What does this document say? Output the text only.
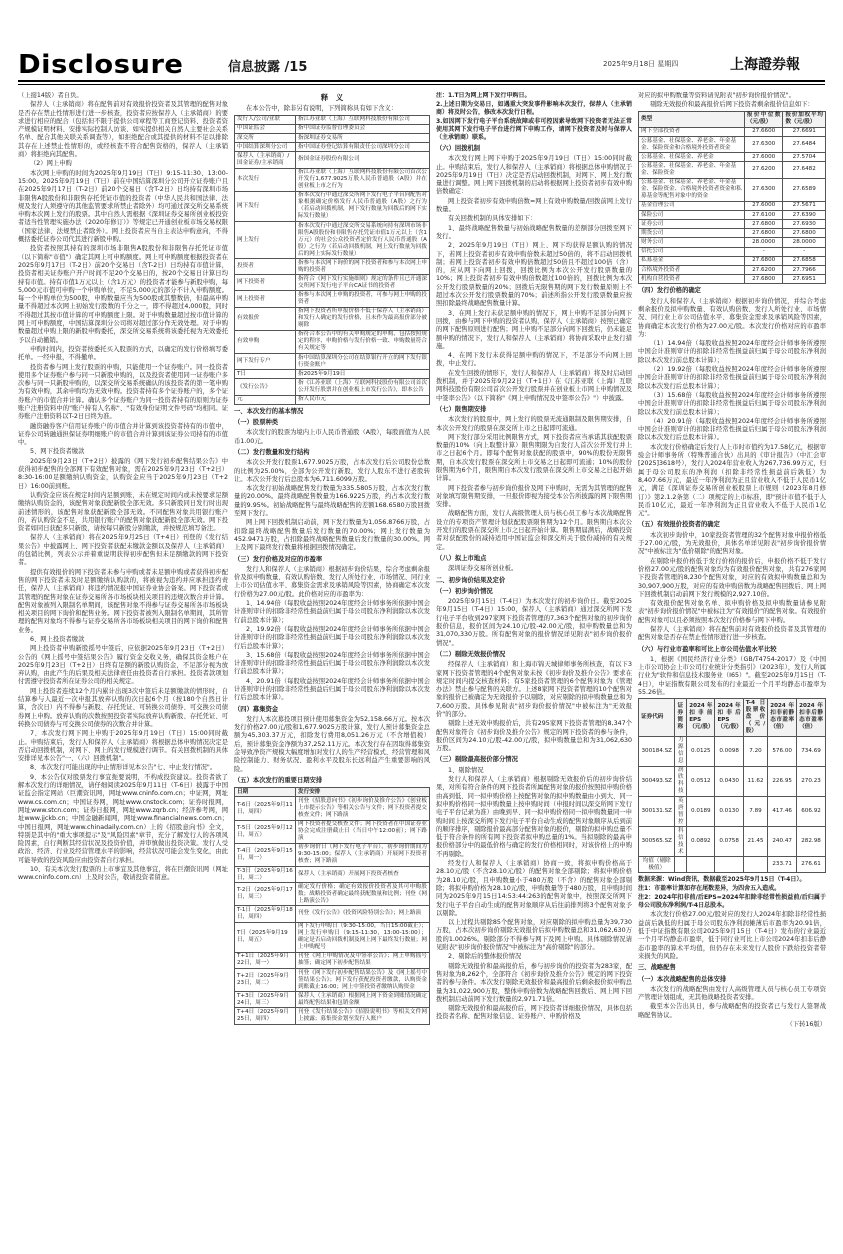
Disclosure	信息披露 /15	2025年9月18日 星期四	上海證券報

（上接14版）者自负。

保荐人（主承销商）将在配售前对有效报价投资者及其管理的配售对象是否存在禁止性情形进行进一步核查，投资者应按保荐人（主承销商）的要求进行相应的配合（包括但不限于提供公司章程等工商登记资料、投资者资产规模证明材料、安排实际控制人访谈、如实提供相关自然人主要社会关系名单、配合其他关联关系调查等），如拒绝配合或其提供的材料不足以排除其存在上述禁止性情形的，或经核查不符合配售资格的，保荐人（主承销商）将拒绝向其配售。

（2）网上申购

本次网上申购的时间为2025年9月19日（T日）9:15-11:30、13:00-15:00。2025年9月19日（T日）前在中国结算深圳分公司开立证券账户且在2025年9月17日（T-2日）前20个交易日（含T-2日）日均持有深圳市场非限售A股股份和非限售存托凭证市值的投资者（中华人民共和国法律、法规及发行人须遵守的其他监管要求所禁止者除外）均可通过深交所交易系统申购本次网上发行的股票。其中自然人需根据《深圳证券交易所创业板投资者适当性管理实施办法（2020年修订）》等规定已开通创业板市场交易权限（国家法律、法规禁止者除外）。网上投资者应当自主表达申购意向，不得概括委托证券公司代其进行新股申购。

投资者按照其持有的深圳市场非限售A股股份和非限售存托凭证市值（以下简称"市值"）确定其网上可申购额度。网上可申购额度根据投资者在2025年9月17日（T-2日）前20个交易日（含T-2日）日均持有市值计算，投资者相关证券账户开户时间不足20个交易日的，按20个交易日计算日均持有市值。持有市值1万元以上（含1万元）的投资者才能参与新股申购，每5,000元市值可申购一个申购单位，不足5,000元的部分不计入申购额度。每一个申购单位为500股，申购数量应当为500股或其整数倍，但最高申购量不得超过本次网上初始发行股数的千分之一，即不得超过4,000股，同时不得超过其按市值计算的可申购额度上限。对于申购数量超过按市值计算的网上可申购额度，中国结算深圳分公司将对超过部分作无效处理。对于申购数量超过申购上限的新股申购委托，深交所交易系统将该委托视为无效委托予以自动撤销。

申购时间内，投资者按委托买入股票的方式，以确定的发行价格填写委托单。一经申报，不得撤单。

投资者参与网上发行股票的申购，只能使用一个证券账户。同一投资者使用多个证券账户参与同一只新股申购的，以及投资者使用同一证券账户多次参与同一只新股申购的，以深交所交易系统确认的该投资者的第一笔申购为有效申购，其余申购均为无效申购。投资者持有多个证券账户的，多个证券账户的市值合并计算。确认多个证券账户为同一投资者持有的原则为证券账户注册资料中的"账户持有人名称"、"有效身份证明文件号码"均相同。证券账户注册资料以T-2日日终为准。

融资融券客户信用证券账户的市值合并计算到该投资者持有的市值中，证券公司转融通担保证券明细账户的市值合并计算到该证券公司持有的市值中。

5、网下投资者缴款

2025年9月23日（T+2日）披露的《网下发行初步配售结果公告》中获得初步配售的全部网下有效配售对象，需在2025年9月23日（T+2日）8:30-16:00足额缴纳认购资金，认购资金应当于2025年9月23日（T+2日）16:00前到账。

认购资金应该在规定时间内足额到账，未在规定时间内或未按要求足额缴纳认购资金的，该配售对象获配新股全部无效。多只新股同日发行时出现前述情形的，该配售对象获配新股全部无效。不同配售对象共用银行账户的，若认购资金不足，共用银行账户的配售对象获配新股全部无效。网下投资者如同日获配多只新股，请按每只新股分别缴款，并按规范填写备注。

保荐人（主承销商）将在2025年9月25日（T+4日）刊登的《发行结果公告》中披露网上、网下投资者获配未缴款金额以及保荐人（主承销商）的包销比例，列表公示并着重说明获得初步配售但未足额缴款的网下投资者。

提供有效报价的网下投资者未参与申购或者未足额申购或者获得初步配售的网下投资者未及时足额缴纳认购款的，将被视为违约并应承担违约责任，保荐人（主承销商）将违约情况报中国证券业协会备案。网下投资者或其管理的配售对象在证券交易所各市场板块相关项目的违规次数合并计算。配售对象被列入限制名单期间，该配售对象不得参与证券交易所各市场板块相关项目的网下询价和配售业务。网下投资者被列入限制名单期间，其所管理的配售对象均不得参与证券交易所各市场板块相关项目的网下询价和配售业务。

6、网上投资者缴款

网上投资者申购新股摇号中签后，应依据2025年9月23日（T+2日）公告的《网上摇号中签结果公告》履行资金交收义务，确保其资金账户在2025年9月23日（T+2日）日终有足额的新股认购资金，不足部分视为放弃认购，由此产生的后果及相关法律责任由投资者自行承担。投资者款项划付需遵守投资者所在证券公司的相关规定。

网上投资者连续12个月内累计出现3次中签后未足额缴款的情形时，自结算参与人最近一次申报其放弃认购的次日起6个月（按180个自然日计算，含次日）内不得参与新股、存托凭证、可转换公司债券、可交换公司债券网上申购。放弃认购的次数按照投资者实际放弃认购新股、存托凭证、可转换公司债券与可交换公司债券的次数合并计算。

7、本次发行网下网上申购于2025年9月19日（T日）15:00同时截止。申购结束后，发行人和保荐人（主承销商）将根据总体申购情况决定是否启动回拨机制，对网下、网上的发行规模进行调节。有关回拨机制的具体安排详见本公告"一、（六）回拨机制"。

8、本次发行可能出现的中止情形详见本公告"七、中止发行情况"。

9、本公告仅对股票发行事宜扼要说明，不构成投资建议。投资者欲了解本次发行的详细情况，请仔细阅读2025年9月11日（T-6日）披露于中国证监会指定网站（巨潮资讯网，网址www.cninfo.com.cn；中证网，网址www.cs.com.cn；中国证券网，网址www.cnstock.com；证券时报网，网址www.stcn.com；证券日报网，网址www.zqrb.cn；经济参考网，网址www.jjckb.cn；中国金融新闻网，网址www.financialnews.com.cn；中国日报网，网址www.chinadaily.com.cn）上的《招股意向书》全文，特别是其中的"重大事项提示"及"风险因素"章节，充分了解发行人的各项风险因素，自行判断其经营状况及投资价值，并审慎做出投资决策。发行人受政治、经济、行业及经营管理水平的影响，经营状况可能会发生变化，由此可能导致的投资风险应由投资者自行承担。

10、有关本次发行股票的上市事宜及其他事宜，将在巨潮资讯网（网址www.cninfo.com.cn）上及时公告，敬请投资者留意。

释　义

在本公告中，除非另有说明，下列简称具有如下含义：

发行人/公司/亚联	指江苏亚联（上海）互联网科技股份有限公司
中国证监会	指中国证券监督管理委员会
深交所	指深圳证券交易所
中国结算深圳分公司	指中国证券登记结算有限责任公司深圳分公司
保荐人（主承销商）/国金证券/主承销商	指国金证券股份有限公司
本次发行	指江苏亚联（上海）互联网科技股份有限公司首次公开发行1,677.9025万股人民币普通股（A股）并在创业板上市之行为
网下发行	指本次发行中通过深交所网下发行电子平台向配售对象根据确定价格发行人民币普通股（A股）之行为（若启动回拨机制，网下发行数量为回拨后的网下实际发行数量）
网上发行	指本次发行中通过深交所交易系统向持有深圳市场非限售A股股份和非限售存托凭证市值1万元以上（含1万元）的社会公众投资者定价发行人民币普通股（A股）之行为（若启动回拨机制，网上发行数量为回拨后的网上实际发行数量）
投资者	指参与本次网下询价的网下投资者和参与本次网上申购的投资者
网下投资者	指符合《网下发行实施细则》规定的条件且已开通深交所网下发行电子平台CA证书的投资者
网上投资者	指参与本次网上申购的投资者，可参与网上申购的投资者
有效报价	指网下投资者所申报价格不低于保荐人（主承销商）和发行人确定的发行价格，且未作为最高报价部分被剔除
有效申购	指符合本公告中的有关申购规定的申购，包括按照规定的程序、申购价格与发行价格一致、申购数量符合有关规定等
网下发行专户	指中国结算深圳分公司在结算银行开立的网下发行银行资金账户
T日	指2025年9月19日
《发行公告》	指《江苏亚联（上海）互联网科技股份有限公司首次公开发行股票并在创业板上市发行公告》，即本公告
元	指人民币元

一、本次发行的基本情况

（一）股票种类

本次发行的股票为境内上市人民币普通股（A股），每股面值为人民币1.00元。

（二）发行数量和发行结构

本次公开发行股票1,677.9025万股，占本次发行后公司股份总数的比例为25.00%，全部为公开发行新股，发行人股东不进行老股转让。本次公开发行后总股本为6,711.6099万股。

本次发行初始战略配售发行数量为335.5805万股，占本次发行数量的20.00%。最终战略配售数量为166.9225万股，约占本次发行数量的9.95%。初始战略配售与最终战略配售的差额168.6580万股回拨至网下发行。

网上网下回拨机制启动前，网下发行数量为1,056.8766万股，占扣除最终战略配售数量后发行数量的70.00%；网上发行数量为452.9471万股，占扣除最终战略配售数量后发行数量的30.00%。网上及网下最终发行数量将根据回拨情况确定。

（三）发行价格及对应的市盈率

发行人和保荐人（主承销商）根据初步询价结果，综合考虑剩余报价及拟申购数量、有效认购倍数、发行人所处行业、市场情况、同行业上市公司估值水平、募集资金需求及承销风险等因素，协商确定本次发行价格为27.00元/股。此价格对应的市盈率为：

1、14.94倍（每股收益按照2024年度经会计师事务所依据中国会计准则审计的扣除非经常性损益前归属于母公司股东净利润除以本次发行前总股本计算）；

2、19.92倍（每股收益按照2024年度经会计师事务所依据中国会计准则审计的扣除非经常性损益前归属于母公司股东净利润除以本次发行后总股本计算）；

3、15.68倍（每股收益按照2024年度经会计师事务所依据中国会计准则审计的扣除非经常性损益后归属于母公司股东净利润除以本次发行前总股本计算）；

4、20.91倍（每股收益按照2024年度经会计师事务所依据中国会计准则审计的扣除非经常性损益后归属于母公司股东净利润除以本次发行后总股本计算）。

（四）募集资金

发行人本次募投项目预计使用募集资金为52,158.66万元。按本次发行价格27.00元/股和1,677.9025万股计算，发行人预计募集资金总额为45,303.37万元，扣除发行费用8,051.26万元（不含增值税）后，预计募集资金净额为37,252.11万元。本次发行存在因取得募集资金导致净资产规模大幅度增加对发行人的生产经营模式、经营管理和风险控制能力、财务状况、盈利水平及股东长远利益产生重要影响的风险。

（五）本次发行的重要日期安排

日期	发行安排
T-6日（2025年9月11日，周四）	刊登《招股意向书》《初步询价及推介公告》《创业板上市提示公告》等相关公告与文件；网下投资者提交核查文件；网下路演
T-5日（2025年9月12日，周五）	网下投资者提交核查文件；网下投资者在中国证券业协会完成注册截止日（当日中午12:00前）；网下路演
T-4日（2025年9月15日，周一）	初步询价日（网下发行电子平台），初步询价期间为9:30-15:00；保荐人（主承销商）开展网下投资者核查；网下路演
T-3日（2025年9月16日，周二）	保荐人（主承销商）开展网下投资者核查
T-2日（2025年9月17日，周三）	确定发行价格；确定有效报价投资者及其可申购股数；战略投资者确定最终获配数量和比例；刊登《网上路演公告》
T-1日（2025年9月18日，周四）	刊登《发行公告》《投资风险特别公告》；网上路演
T日（2025年9月19日，周五）	网下发行申购日（9:30-15:00，当日15:00截止）；网上发行申购日（9:15-11:30，13:00-15:00）；确定是否启动回拨机制及网上网下最终发行数量；网上申购配号
T+1日（2025年9月22日，周一）	刊登《网上申购情况及中签率公告》；网上申购摇号抽签；确定网下初步配售结果
T+2日（2025年9月23日，周二）	刊登《网下发行初步配售结果公告》及《网上摇号中签结果公告》；网下发行获配投资者缴款，认购资金到账截止16:00；网上中签投资者缴纳认购资金
T+3日（2025年9月24日，周三）	保荐人（主承销商）根据网上网下资金到账情况确定最终配售结果和包销金额
T+4日（2025年9月25日，周四）	刊登《发行结果公告》《招股说明书》等相关文件网上披露；募集资金划至发行人账户

注：1.T日为网上网下发行申购日。

2.上述日期为交易日，如遇重大突发事件影响本次发行，保荐人（主承销商）将及时公告，修改本次发行日程。

3.如因网下发行电子平台系统故障或非可控因素导致网下投资者无法正常使用其网下发行电子平台进行网下申购工作，请网下投资者及时与保荐人（主承销商）联系。

（六）回拨机制

本次发行网上网下申购于2025年9月19日（T日）15:00同时截止。申购结束后，发行人和保荐人（主承销商）将根据总体申购情况于2025年9月19日（T日）决定是否启动回拨机制，对网下、网上发行数量进行调整。网上网下回拨机制的启动将根据网上投资者初步有效申购倍数确定：

网上投资者初步有效申购倍数=网上有效申购数量/回拨前网上发行数量。

有关回拨机制的具体安排如下：

1、最终战略配售数量与初始战略配售数量的差额部分回拨至网下发行。

2、2025年9月19日（T日）网上、网下均获得足额认购的情况下，若网上投资者初步有效申购倍数未超过50倍的，将不启动回拨机制；若网上投资者初步有效申购倍数超过50倍且不超过100倍（含）的，应从网下向网上回拨，回拨比例为本次公开发行股票数量的10%；网上投资者初步有效申购倍数超过100倍的，回拨比例为本次公开发行股票数量的20%；回拨后无限售期的网下发行数量原则上不超过本次公开发行股票数量的70%；前述所指公开发行股票数量应按照扣除最终战略配售数量计算。

3、在网上发行未获足额申购的情况下，网上申购不足部分向网下回拨，由参与网下申购的投资者认购，保荐人（主承销商）按照已确定的网下配售原则进行配售；网上申购不足部分向网下回拨后，仍未能足额申购的情况下，发行人和保荐人（主承销商）将协商采取中止发行措施。

4、在网下发行未获得足额申购的情况下，不足部分不向网上回拨，中止发行。

在发生回拨的情形下，发行人和保荐人（主承销商）将及时启动回拨机制，并于2025年9月22日（T+1日）在《江苏亚联（上海）互联网科技股份有限公司首次公开发行股票并在创业板上市网上申购情况及中签率公告》（以下简称"《网上申购情况及中签率公告》"）中披露。

（七）限售期安排

本次发行的股票中，网上发行的股票无流通限制及限售期安排，自本次公开发行的股票在深交所上市之日起即可流通。

网下发行部分采用比例限售方式，网下投资者应当承诺其获配股票数量的10%（向上取整计算）限售期限为自发行人首次公开发行并上市之日起6个月。即每个配售对象获配的股票中，90%的股份无限售期，自本次发行股票在深交所上市交易之日起即可流通；10%的股份限售期为6个月，限售期自本次发行股票在深交所上市交易之日起开始计算。

网下投资者参与初步询价报价及网下申购时，无需为其管理的配售对象填写限售期安排，一旦报价即视为接受本公告所披露的网下限售期安排。

战略配售方面，发行人高级管理人员与核心员工参与本次战略配售设立的专项资产管理计划获配股票限售期为12个月。限售期自本次公开发行的股票在深交所上市之日起开始计算。限售期届满后，战略投资者对获配股份的减持适用中国证监会和深交所关于股份减持的有关规定。

（八）拟上市地点

深圳证券交易所创业板。

二、初步询价结果及定价

（一）初步询价情况

2025年9月15日（T-4日）为本次发行的初步询价日。截至2025年9月15日（T-4日）15:00，保荐人（主承销商）通过深交所网下发行电子平台收到297家网下投资者管理的7,363个配售对象的初步询价报价信息，报价区间为24.10元/股-42.00元/股，拟申购数量总和为31,070,330万股。所有配售对象的报价情况详见附表"初步询价报价情况"。

（二）剔除无效报价情况

经保荐人（主承销商）和上海市锦天城律师事务所核查，有以下3家网下投资者管理的4个配售对象未按《初步询价及推介公告》要求在规定时间内提交核查材料；有5家投资者管理的6个配售对象为《管理办法》禁止参与配售的关联方。上述8家网下投资者管理的10个配售对象的报价已被确定为无效报价予以剔除，对应剔除的拟申购数量总和为7,600万股。具体参见附表"初步询价报价情况"中被标注为"无效报价"的部分。

剔除上述无效申购报价后，共有295家网下投资者管理的8,347个配售对象符合《初步询价及推介公告》规定的网下投资者的参与条件，报价区间为24.10元/股-42.00元/股，拟申购数量总和为31,062,630万股。

（三）剔除最高报价部分情况

1、剔除情况

发行人和保荐人（主承销商）根据剔除无效报价后的初步询价结果，对所有符合条件的网下投资者所属配售对象的报价按照拟申购价格由高到低、同一拟申购价格上按配售对象的拟申购数量由小到大、同一拟申购价格同一拟申购数量上按申购时间（申报时间以深交所网下发行电子平台记录为准）由晚到早、同一拟申购价格同一拟申购数量同一申购时间上按深交所网下发行电子平台自动生成的配售对象顺序从后到前的顺序排序，剔除报价最高部分配售对象的报价，剔除的拟申购总量不低于符合条件的所有网下投资者拟申购总量的1%。当拟剔除的最高申报价格部分中的最低价格与确定的发行价格相同时，对该价格上的申购不再剔除。

经发行人和保荐人（主承销商）协商一致，将拟申购价格高于28.10元/股（不含28.10元/股）的配售对象全部剔除；将拟申购价格为28.10元/股，且申购数量小于480万股（不含）的配售对象全部剔除；将拟申购价格为28.10元/股，申购数量等于480万股，且申购时间同为2025年9月15日14:53:44:263的配售对象中，按照深交所网下发行电子平台自动生成的配售对象顺序从后往前排列将3个配售对象予以剔除。

以上过程共剔除85个配售对象，对应剔除的拟申购总量为39,730万股，占本次初步询价剔除无效报价后拟申购数量总和31,062,630万股的1.0026%。剔除部分不得参与网下及网上申购。具体剔除情况请见附表"初步询价报价情况"中被标注为"高价剔除"的部分。

2、剔除后的整体报价情况

剔除无效报价和最高报价后，参与初步询价的投资者为283家，配售对象为8,262个，全部符合《初步询价及推介公告》规定的网下投资者的参与条件。本次发行剔除无效报价和最高报价后剩余报价拟申购总量为31,022,900万股，整体申购倍数为战略配售回拨后、网上网下回拨机制启动前网下发行数量的2,971.71倍。

剔除无效报价和最高报价后，网下投资者详细报价情况，具体包括投资者名称、配售对象信息、证券账户、申购价格及

对应的拟申购数量等资料请见附表"初步询价报价情况"。

剔除无效报价和最高报价后网下投资者剩余报价信息如下：

类型	报价中位数（元/股）	报价加权平均数（元/股）
网下全部投资者	27.6600	27.6691
公募基金、社保基金、养老金、年金基金、保险资金和合格境外投资者资金	27.6300	27.6484
公募基金、社保基金、养老金	27.6000	27.5704
公募基金、社保基金、养老金、年金基金、保险资金	27.6200	27.6482
公募基金、社保基金、养老金、年金基金、保险资金、合格境外投资者资金和私募基金等配售对象中的资金	27.6300	27.6589
基金管理公司	27.6000	27.5671
保险公司	27.6100	27.6390
证券公司	27.6800	27.6930
期货公司	27.6800	27.6800
财务公司	28.0000	28.0000
信托公司	-	-
私募基金	27.6800	27.6858
合格境外投资者	27.6200	27.7966
机构自营投资者	27.6800	27.6951

（四）发行价格的确定

发行人和保荐人（主承销商）根据初步询价情况，并综合考虑剩余报价及拟申购数量、有效认购倍数、发行人所处行业、市场情况、同行业上市公司估值水平、募集资金需求及承销风险等因素，协商确定本次发行价格为27.00元/股。本次发行价格对应的市盈率为：

（1）14.94倍（每股收益按照2024年度经会计师事务所遵照中国会计准则审计的扣除非经常性损益前归属于母公司股东净利润除以本次发行前总股本计算）；

（2）19.92倍（每股收益按照2024年度经会计师事务所遵照中国会计准则审计的扣除非经常性损益前归属于母公司股东净利润除以本次发行后总股本计算）；

（3）15.68倍（每股收益按照2024年度经会计师事务所遵照中国会计准则审计的扣除非经常性损益后归属于母公司股东净利润除以本次发行前总股本计算）；

（4）20.91倍（每股收益按照2024年度经会计师事务所遵照中国会计准则审计的扣除非经常性损益后归属于母公司股东净利润除以本次发行后总股本计算）。

本次发行价格确定后发行人上市时市值约为17.58亿元，根据审验会计师事务所（特殊普通合伙）出具的《审计报告》（中汇会审[2025]3618号），发行人2024年营业收入为267,736.99万元，归属于母公司股东的净利润（扣除非经常性损益前后孰低）为8,407.66万元，最近一年净利润为正且营业收入不低于人民币1亿元，满足《深圳证券交易所创业板股票上市规则（2023年8月修订）》第2.1.2条第（二）项规定的上市标准，即"预计市值不低于人民币10亿元，最近一年净利润为正且营业收入不低于人民币1亿元"。

（五）有效报价投资者的确定

本次初步询价中，10家投资者管理的32个配售对象申报价格低于27.00元/股，为无效报价，具体名单详见附表"初步询价报价情况"中被标注为"低价剔除"的配售对象。

在剔除申报价格低于发行价格的报价后，申报价格不低于发行价格27.00元/股的配售对象均为有效报价配售对象，共有276家网下投资者管理的8,230个配售对象，对应的有效拟申购数量总和为30,907,900万股，对应的有效申购倍数为战略配售回拨后、网上网下回拨机制启动前网下发行规模的2,927.10倍。

有效报价配售对象名单、拟申购价格及拟申购数量请参见附表"初步询价报价情况"中被标注为"有效报价"的配售对象。有效报价配售对象可以且必须按照本次发行价格参与网下申购。

保荐人（主承销商）将在配售前对有效报价投资者及其管理的配售对象是否存在禁止性情形进行进一步核查。

（六）与行业市盈率和可比上市公司估值水平比较

1、根据《国民经济行业分类》（GB/T4754-2017）及《中国上市公司协会上市公司行业统计分类指引》（2023年），发行人所属行业为"软件和信息技术服务业（I65）"。截至2025年9月15日（T-4日），中证指数有限公司发布的行业最近一个月平均静态市盈率为55.26倍。

证券代码	证券简称	2024年扣非前EPS（元/股）	2024年扣非后EPS（元/股）	T-4日股票收盘价（元/股）	2024年扣非前静态市盈率（倍）	2024年扣非后静态市盈率（倍）
300184.SZ	力源信息	0.0125	0.0098	7.20	576.00	734.69
300493.SZ	润欣科技	0.0512	0.0430	11.62	226.95	270.23
300131.SZ	英唐智控	0.0189	0.0130	7.89	417.46	606.92
300565.SZ	科信技术	0.0892	0.0758	21.45	240.47	282.98
均值（剔除极值）					233.71	276.61

数据来源：Wind资讯，数据截至2025年9月15日（T-4日）。

注1：市盈率计算如存在尾数差异，为四舍五入造成。

注2：2024年扣非前/后EPS=2024年扣除非经常性损益前/后归属于母公司股东净利润/T-4日总股本。

本次发行价格27.00元/股对应的发行人2024年扣除非经常性损益前后孰低的归属于母公司股东净利润摊薄后市盈率为20.91倍，低于中证指数有限公司2025年9月15日（T-4日）发布的行业最近一个月平均静态市盈率，低于同行业可比上市公司2024年扣非后静态市盈率的算术平均值，但仍存在未来发行人股价下跌给投资者带来损失的风险。

三、战略配售

（一）本次战略配售的总体安排

本次发行的战略配售由发行人高级管理人员与核心员工专项资产管理计划组成，无其他战略投资者安排。

截至本公告出具日，参与战略配售的投资者已与发行人签署战略配售协议。

（下转16版）
